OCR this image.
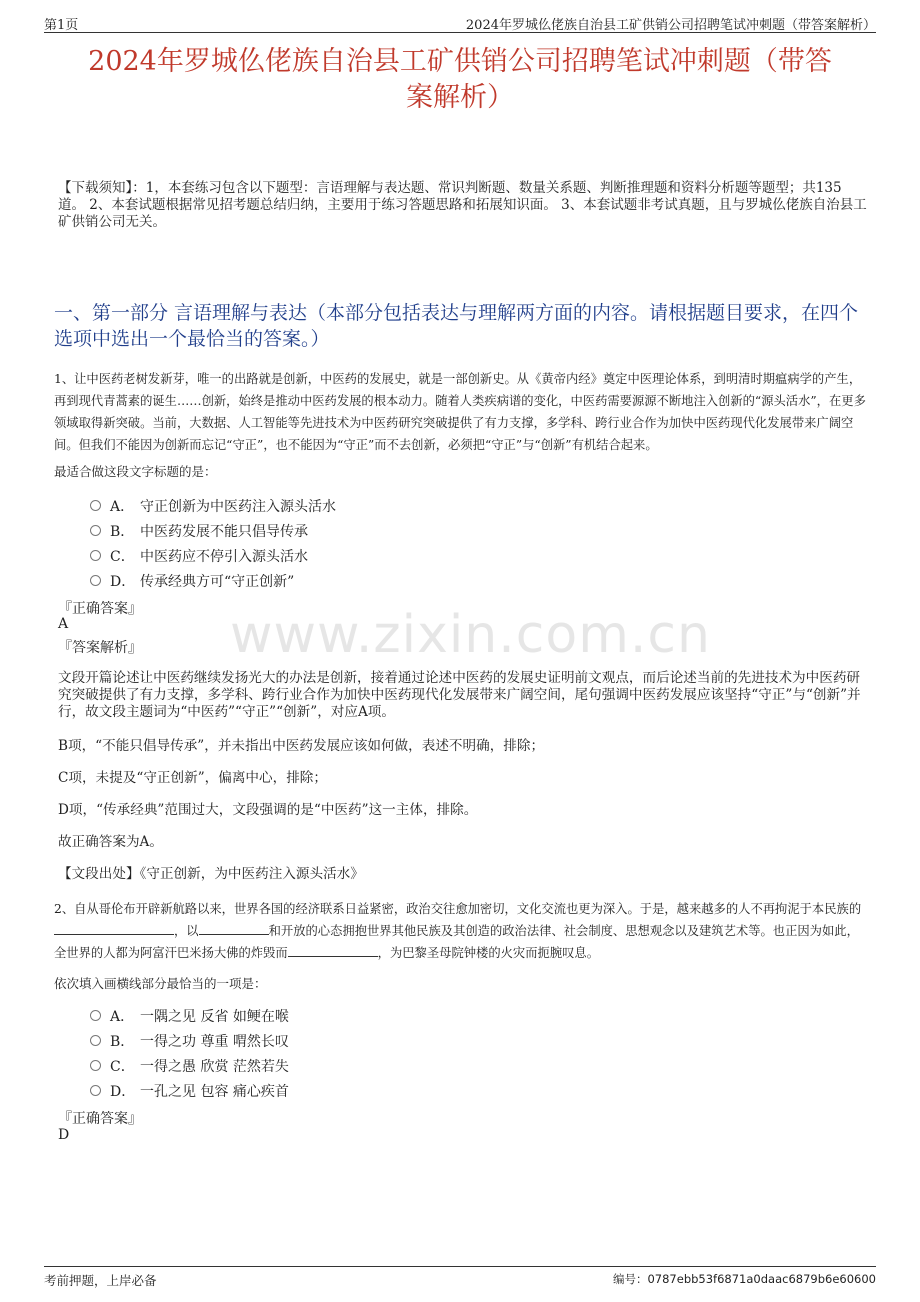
第1页	2024年罗城仫佬族自治县工矿供销公司招聘笔试冲刺题（带答案解析）
2024年罗城仫佬族自治县工矿供销公司招聘笔试冲刺题（带答
案解析）
【下载须知】：1，本套练习包含以下题型：言语理解与表达题、常识判断题、数量关系题、判断推理题和资料分析题等题型；共135道。 2、本套试题根据常见招考题总结归纳，主要用于练习答题思路和拓展知识面。 3、本套试题非考试真题，且与罗城仫佬族自治县工矿供销公司无关。
一、第一部分 言语理解与表达（本部分包括表达与理解两方面的内容。请根据题目要求，在四个选项中选出一个最恰当的答案。）
1、让中医药老树发新芽，唯一的出路就是创新，中医药的发展史，就是一部创新史。从《黄帝内经》奠定中医理论体系，到明清时期瘟病学的产生，再到现代青蒿素的诞生……创新，始终是推动中医药发展的根本动力。随着人类疾病谱的变化，中医药需要源源不断地注入创新的“源头活水”，在更多领域取得新突破。当前，大数据、人工智能等先进技术为中医药研究突破提供了有力支撑，多学科、跨行业合作为加快中医药现代化发展带来广阔空间。但我们不能因为创新而忘记“守正”，也不能因为“守正”而不去创新，必须把“守正”与“创新”有机结合起来。
最适合做这段文字标题的是：
A． 守正创新为中医药注入源头活水
B． 中医药发展不能只倡导传承
C． 中医药应不停引入源头活水
D． 传承经典方可“守正创新”
『正确答案』
A
『答案解析』
文段开篇论述让中医药继续发扬光大的办法是创新，接着通过论述中医药的发展史证明前文观点，而后论述当前的先进技术为中医药研究突破提供了有力支撑，多学科、跨行业合作为加快中医药现代化发展带来广阔空间，尾句强调中医药发展应该坚持“守正”与“创新”并行，故文段主题词为“中医药”“守正”“创新”，对应A项。
B项，“不能只倡导传承”，并未指出中医药发展应该如何做，表述不明确，排除；
C项，未提及“守正创新”，偏离中心，排除；
D项，“传承经典”范围过大，文段强调的是“中医药”这一主体，排除。
故正确答案为A。
【文段出处】《守正创新，为中医药注入源头活水》
www.zixin.com.cn
2、自从哥伦布开辟新航路以来，世界各国的经济联系日益紧密，政治交往愈加密切，文化交流也更为深入。于是，越来越多的人不再拘泥于本民族的，以	和开放的心态拥抱世界其他民族及其创造的政治法律、社会制度、思想观念以及建筑艺术等。也正因为如此，全世界的人都为阿富汗巴米扬大佛的炸毁而	，为巴黎圣母院钟楼的火灾而扼腕叹息。
依次填入画横线部分最恰当的一项是：
A． 一隅之见 反省 如鲠在喉
B． 一得之功 尊重 喟然长叹
C． 一得之愚 欣赏 茫然若失
D． 一孔之见 包容 痛心疾首
『正确答案』
D
考前押题，上岸必备	编号：0787ebb53f6871a0daac6879b6e60600
